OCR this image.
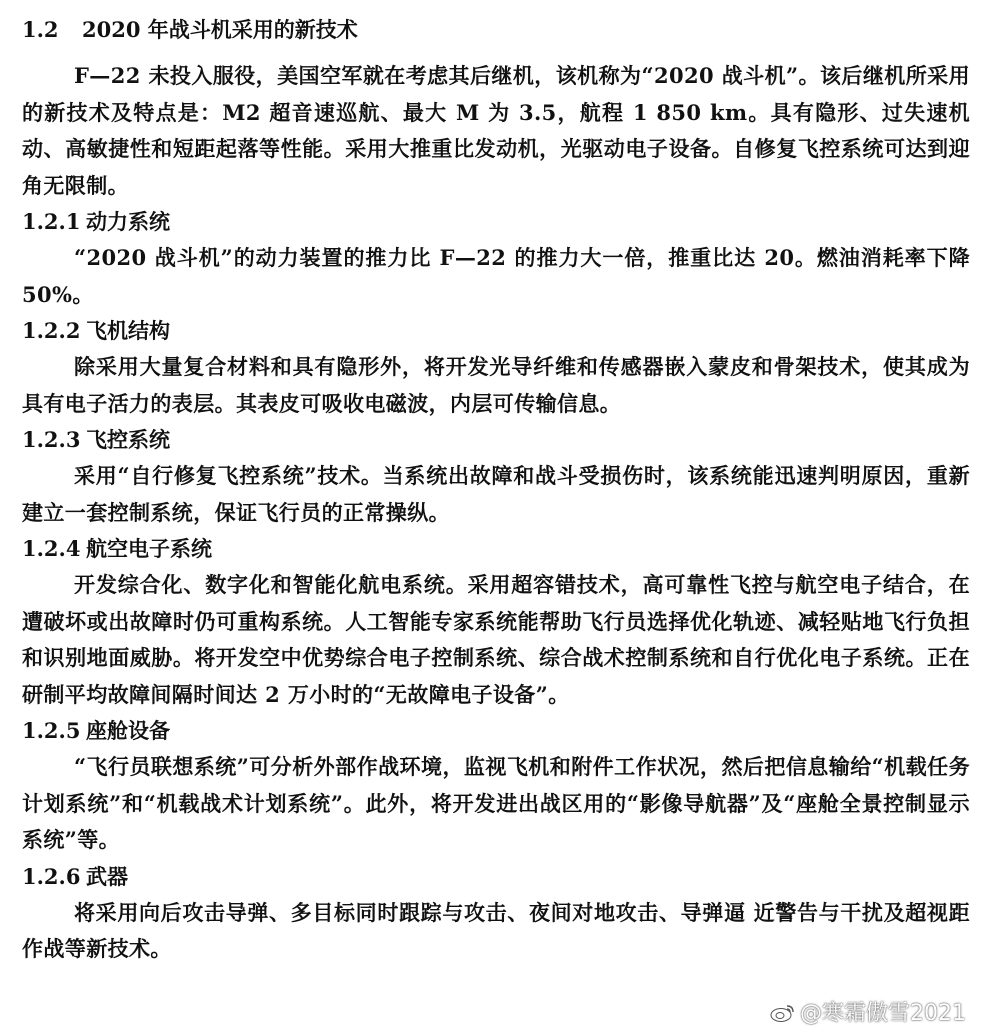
1.2 2020 年战斗机采用的新技术

F—22 未投入服役，美国空军就在考虑其后继机，该机称为“2020 战斗机”。该后继机所采用的新技术及特点是：M2 超音速巡航、最大 M 为 3.5，航程 1 850 km。具有隐形、过失速机动、高敏捷性和短距起落等性能。采用大推重比发动机，光驱动电子设备。自修复飞控系统可达到迎角无限制。

1.2.1 动力系统

“2020 战斗机”的动力装置的推力比 F—22 的推力大一倍，推重比达 20。燃油消耗率下降 50%。

1.2.2 飞机结构

除采用大量复合材料和具有隐形外，将开发光导纤维和传感器嵌入蒙皮和骨架技术，使其成为具有电子活力的表层。其表皮可吸收电磁波，内层可传输信息。

1.2.3 飞控系统

采用“自行修复飞控系统”技术。当系统出故障和战斗受损伤时，该系统能迅速判明原因，重新建立一套控制系统，保证飞行员的正常操纵。

1.2.4 航空电子系统

开发综合化、数字化和智能化航电系统。采用超容错技术，高可靠性飞控与航空电子结合，在遭破坏或出故障时仍可重构系统。人工智能专家系统能帮助飞行员选择优化轨迹、减轻贴地飞行负担和识别地面威胁。将开发空中优势综合电子控制系统、综合战术控制系统和自行优化电子系统。正在研制平均故障间隔时间达 2 万小时的“无故障电子设备”。

1.2.5 座舱设备

“飞行员联想系统”可分析外部作战环境，监视飞机和附件工作状况，然后把信息输给“机载任务计划系统”和“机载战术计划系统”。此外，将开发进出战区用的“影像导航器”及“座舱全景控制显示系统”等。

1.2.6 武器

将采用向后攻击导弹、多目标同时跟踪与攻击、夜间对地攻击、导弹逼 近警告与干扰及超视距作战等新技术。

@寒霜傲雪2021
